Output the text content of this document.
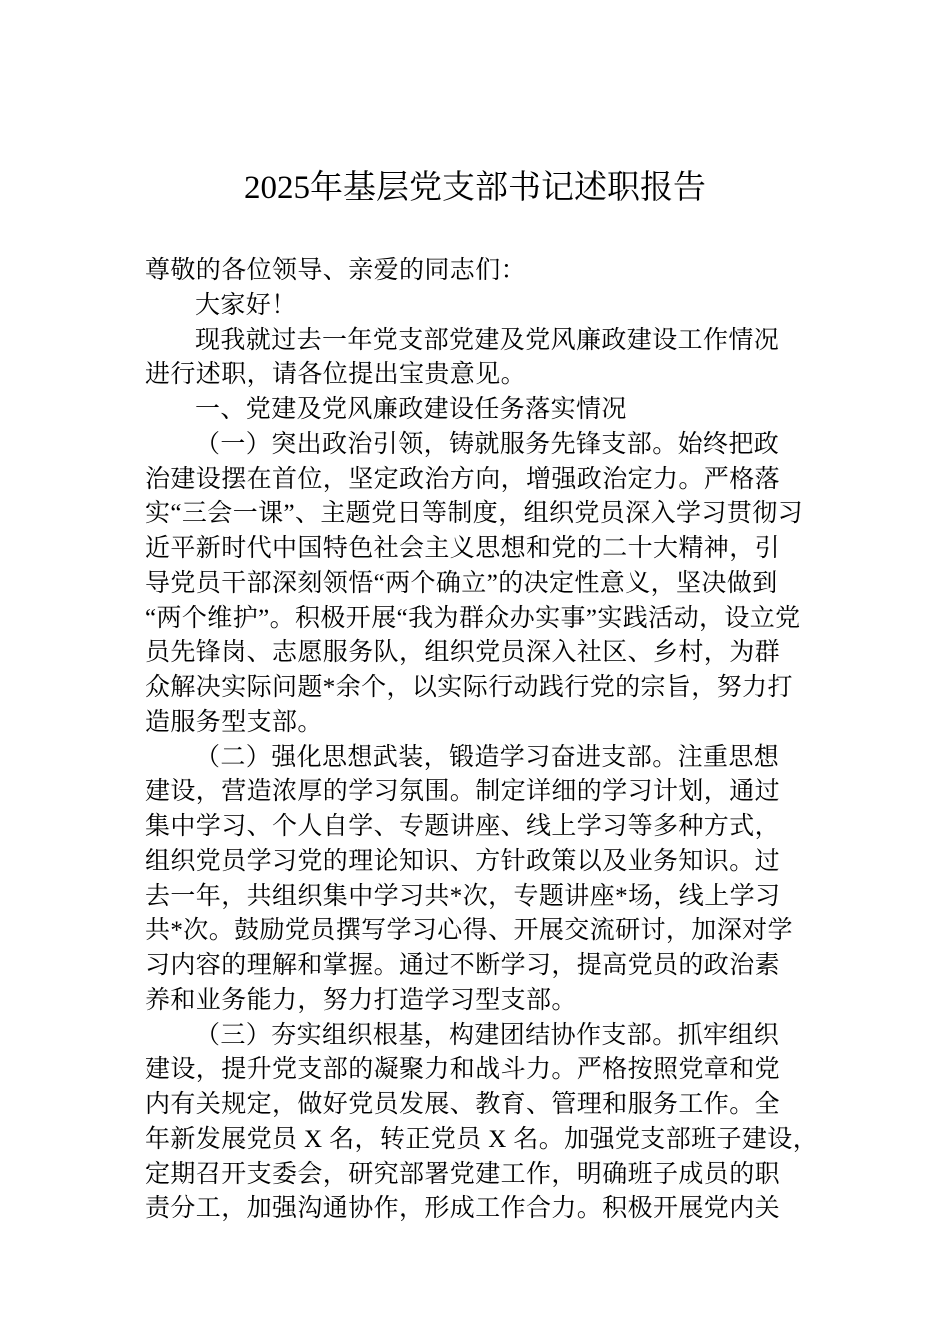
2025年基层党支部书记述职报告
尊敬的各位领导、亲爱的同志们：
大家好！
现我就过去一年党支部党建及党风廉政建设工作情况
进行述职，请各位提出宝贵意见。
一、党建及党风廉政建设任务落实情况
（一）突出政治引领，铸就服务先锋支部。始终把政
治建设摆在首位，坚定政治方向，增强政治定力。严格落
实“三会一课”、主题党日等制度，组织党员深入学习贯彻习
近平新时代中国特色社会主义思想和党的二十大精神，引
导党员干部深刻领悟“两个确立”的决定性意义，坚决做到
“两个维护”。积极开展“我为群众办实事”实践活动，设立党
员先锋岗、志愿服务队，组织党员深入社区、乡村，为群
众解决实际问题*余个，以实际行动践行党的宗旨，努力打
造服务型支部。
（二）强化思想武装，锻造学习奋进支部。注重思想
建设，营造浓厚的学习氛围。制定详细的学习计划，通过
集中学习、个人自学、专题讲座、线上学习等多种方式，
组织党员学习党的理论知识、方针政策以及业务知识。过
去一年，共组织集中学习共*次，专题讲座*场，线上学习
共*次。鼓励党员撰写学习心得、开展交流研讨，加深对学
习内容的理解和掌握。通过不断学习，提高党员的政治素
养和业务能力，努力打造学习型支部。
（三）夯实组织根基，构建团结协作支部。抓牢组织
建设，提升党支部的凝聚力和战斗力。严格按照党章和党
内有关规定，做好党员发展、教育、管理和服务工作。全
年新发展党员 X 名，转正党员 X 名。加强党支部班子建设，
定期召开支委会，研究部署党建工作，明确班子成员的职
责分工，加强沟通协作，形成工作合力。积极开展党内关
